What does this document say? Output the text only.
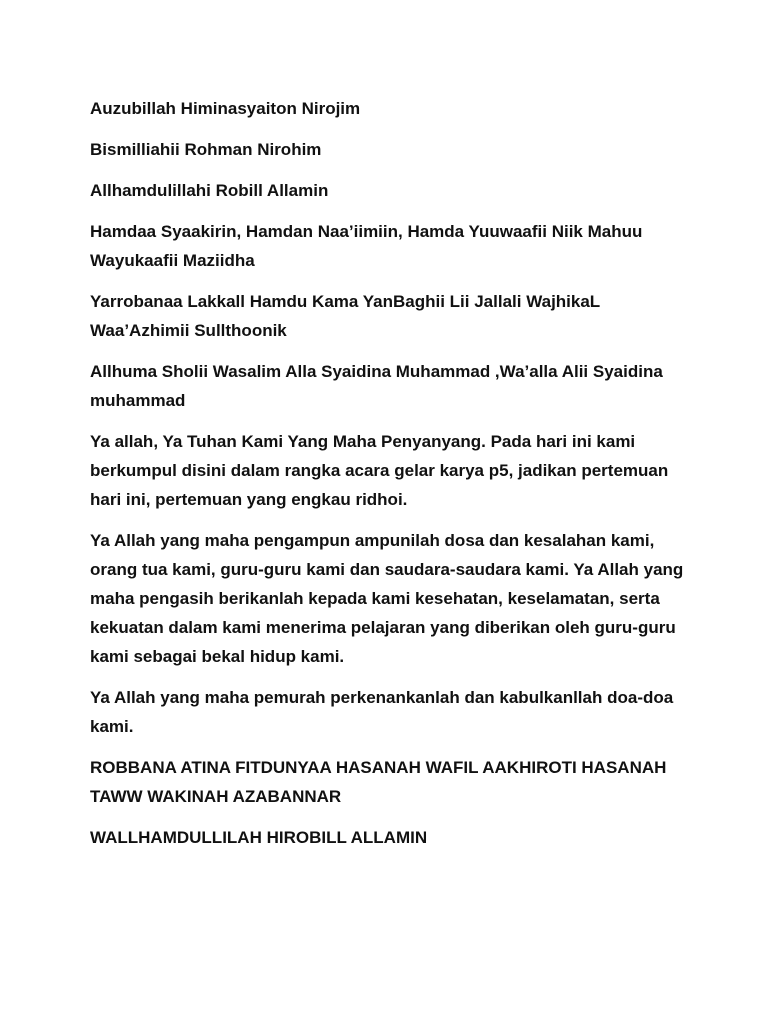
Auzubillah Himinasyaiton Nirojim

Bismilliahii Rohman Nirohim

Allhamdulillahi Robill Allamin

Hamdaa Syaakirin, Hamdan Naa’iimiin, Hamda Yuuwaafii Niik Mahuu Wayukaafii Maziidha

Yarrobanaa Lakkall Hamdu Kama YanBaghii Lii Jallali WajhikaL Waa’Azhimii Sullthoonik

Allhuma Sholii Wasalim Alla Syaidina Muhammad ,Wa’alla Alii Syaidina muhammad

Ya allah, Ya Tuhan Kami Yang Maha Penyanyang. Pada hari ini kami berkumpul disini dalam rangka acara gelar karya p5, jadikan pertemuan hari ini, pertemuan yang engkau ridhoi.

Ya Allah yang maha pengampun ampunilah dosa dan kesalahan kami, orang tua kami, guru-guru kami dan saudara-saudara kami. Ya Allah yang maha pengasih berikanlah kepada kami kesehatan, keselamatan, serta kekuatan dalam kami menerima pelajaran yang diberikan oleh guru-guru kami sebagai bekal hidup kami.

Ya Allah yang maha pemurah perkenankanlah dan kabulkanllah doa-doa kami.

ROBBANA ATINA FITDUNYAA HASANAH WAFIL AAKHIROTI HASANAH TAWW WAKINAH AZABANNAR

WALLHAMDULLILAH HIROBILL ALLAMIN
